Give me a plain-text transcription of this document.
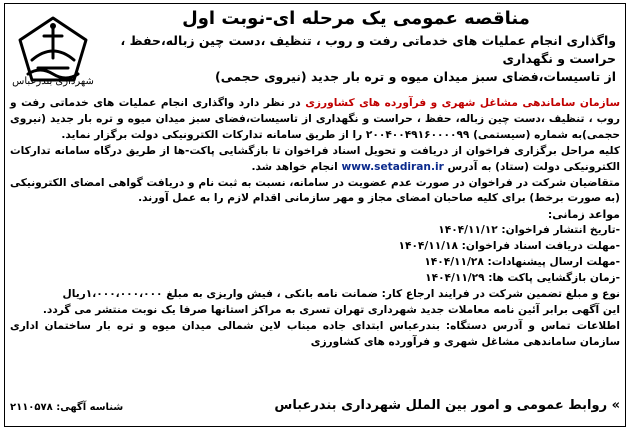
شهرداری بندرعباس
مناقصه عمومی یک مرحله ای-نوبت اول
واگذاری انجام عملیات های خدماتی رفت و روب ، تنظیف ،دست چین زباله،حفظ ، حراست و نگهداری
از تاسیسات،فضای سبز میدان میوه و تره بار جدید (نیروی حجمی)

سازمان ساماندهی مشاغل شهری و فرآورده های کشاورزی در نظر دارد واگذاری انجام عملیات های خدماتی رفت و روب ، تنظیف ،دست چین زباله، حفظ ، حراست و نگهداری از تاسیسات،فضای سبز میدان میوه و تره بار جدید (نیروی حجمی)به شماره (سیستمی) ۲۰۰۴۰۰۴۹۱۶۰۰۰۰۹۹ را از طریق سامانه تدارکات الکترونیکی دولت برگزار نماید.

کلیه مراحل برگزاری فراخوان از دریافت و تحویل اسناد فراخوان تا بازگشایی پاکت-ها از طریق درگاه سامانه تدارکات الکترونیکی دولت (ستاد) به آدرس www.setadiran.ir انجام خواهد شد.

متقاضیان شرکت در فراخوان در صورت عدم عضویت در سامانه، نسبت به ثبت نام و دریافت گواهی امضای الکترونیکی (به صورت برخط) برای کلیه صاحبان امضای مجاز و مهر سازمانی اقدام لازم را به عمل آورند.

مواعد زمانی:

-تاریخ انتشار فراخوان: ۱۴۰۴/۱۱/۱۲

-مهلت دریافت اسناد فراخوان: ۱۴۰۴/۱۱/۱۸

-مهلت ارسال پیشنهادات: ۱۴۰۴/۱۱/۲۸

-زمان بازگشایی پاکت ها: ۱۴۰۴/۱۱/۲۹

نوع و مبلغ تضمین شرکت در فرایند ارجاع کار: ضمانت نامه بانکی ، فیش واریزی به مبلغ ۱،۰۰۰،۰۰۰،۰۰۰ریال

این آگهی برابر آئین نامه معاملات جدید شهرداری تهران تسری به مراکز استانها صرفا یک نوبت منتشر می گردد.

اطلاعات تماس و آدرس دستگاه: بندرعباس ابتدای جاده میناب لاین شمالی میدان میوه و تره بار ساختمان اداری سازمان ساماندهی مشاغل شهری و فرآورده های کشاورزی

» روابط عمومی و امور بین الملل شهرداری بندرعباس
شناسه آگهی: ۲۱۱۰۵۷۸
